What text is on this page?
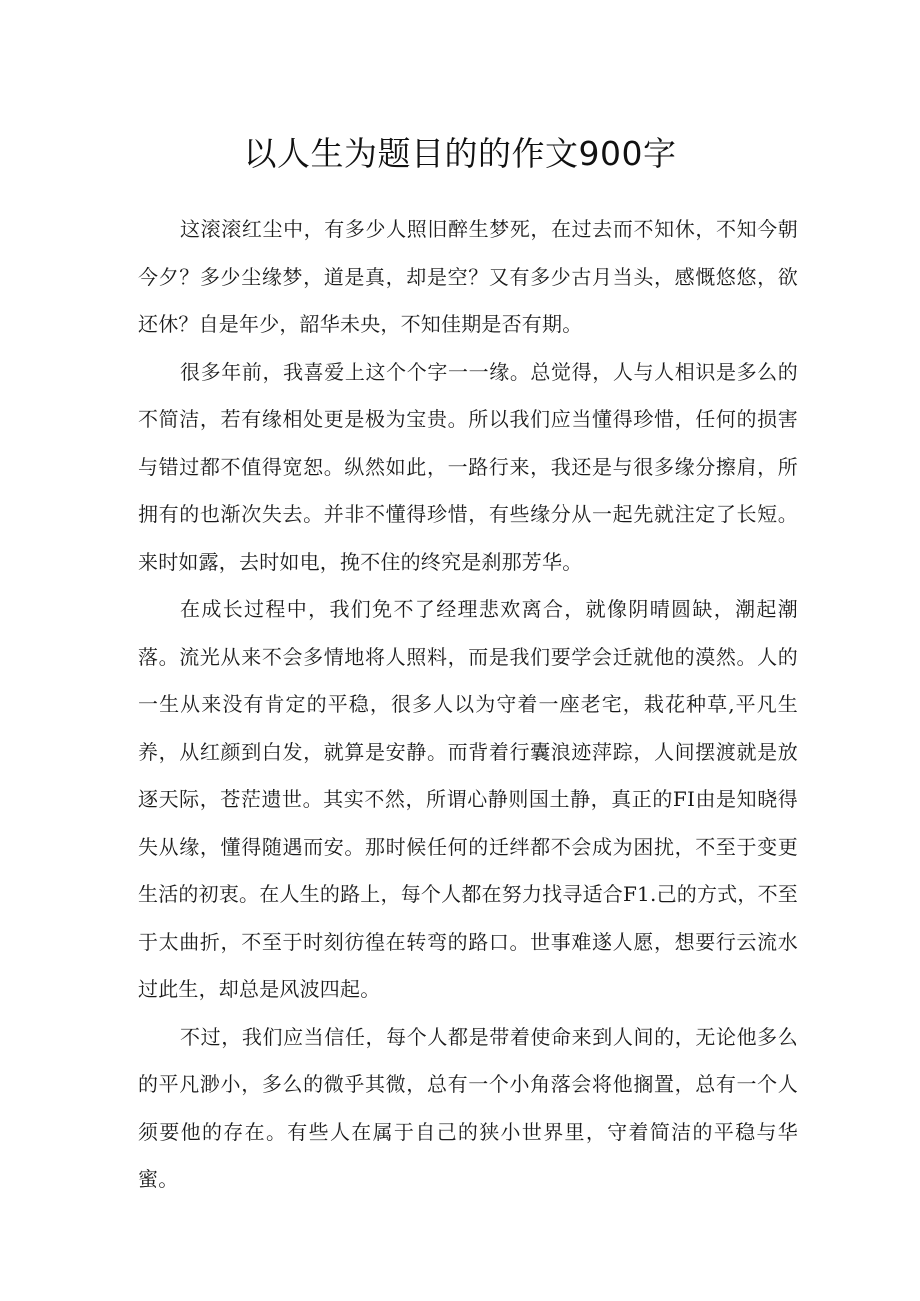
以人生为题目的的作文900字

这滚滚红尘中，有多少人照旧醉生梦死，在过去而不知休，不知今朝今夕？多少尘缘梦，道是真，却是空？又有多少古月当头，感慨悠悠，欲还休？自是年少，韶华未央，不知佳期是否有期。

很多年前，我喜爱上这个个字一一缘。总觉得，人与人相识是多么的不简洁，若有缘相处更是极为宝贵。所以我们应当懂得珍惜，任何的损害与错过都不值得宽恕。纵然如此，一路行来，我还是与很多缘分擦肩，所拥有的也渐次失去。并非不懂得珍惜，有些缘分从一起先就注定了长短。来时如露，去时如电，挽不住的终究是刹那芳华。

在成长过程中，我们免不了经理悲欢离合，就像阴晴圆缺，潮起潮落。流光从来不会多情地将人照料，而是我们要学会迁就他的漠然。人的一生从来没有肯定的平稳，很多人以为守着一座老宅，栽花种草,平凡生养，从红颜到白发，就算是安静。而背着行囊浪迹萍踪，人间摆渡就是放逐天际，苍茫遗世。其实不然，所谓心静则国土静，真正的FI由是知晓得失从缘，懂得随遇而安。那时候任何的迁绊都不会成为困扰，不至于变更生活的初衷。在人生的路上，每个人都在努力找寻适合F1.己的方式，不至于太曲折，不至于时刻彷徨在转弯的路口。世事难遂人愿，想要行云流水过此生，却总是风波四起。

不过，我们应当信任，每个人都是带着使命来到人间的，无论他多么的平凡渺小，多么的微乎其微，总有一个小角落会将他搁置，总有一个人须要他的存在。有些人在属于自己的狭小世界里，守着简洁的平稳与华蜜。
